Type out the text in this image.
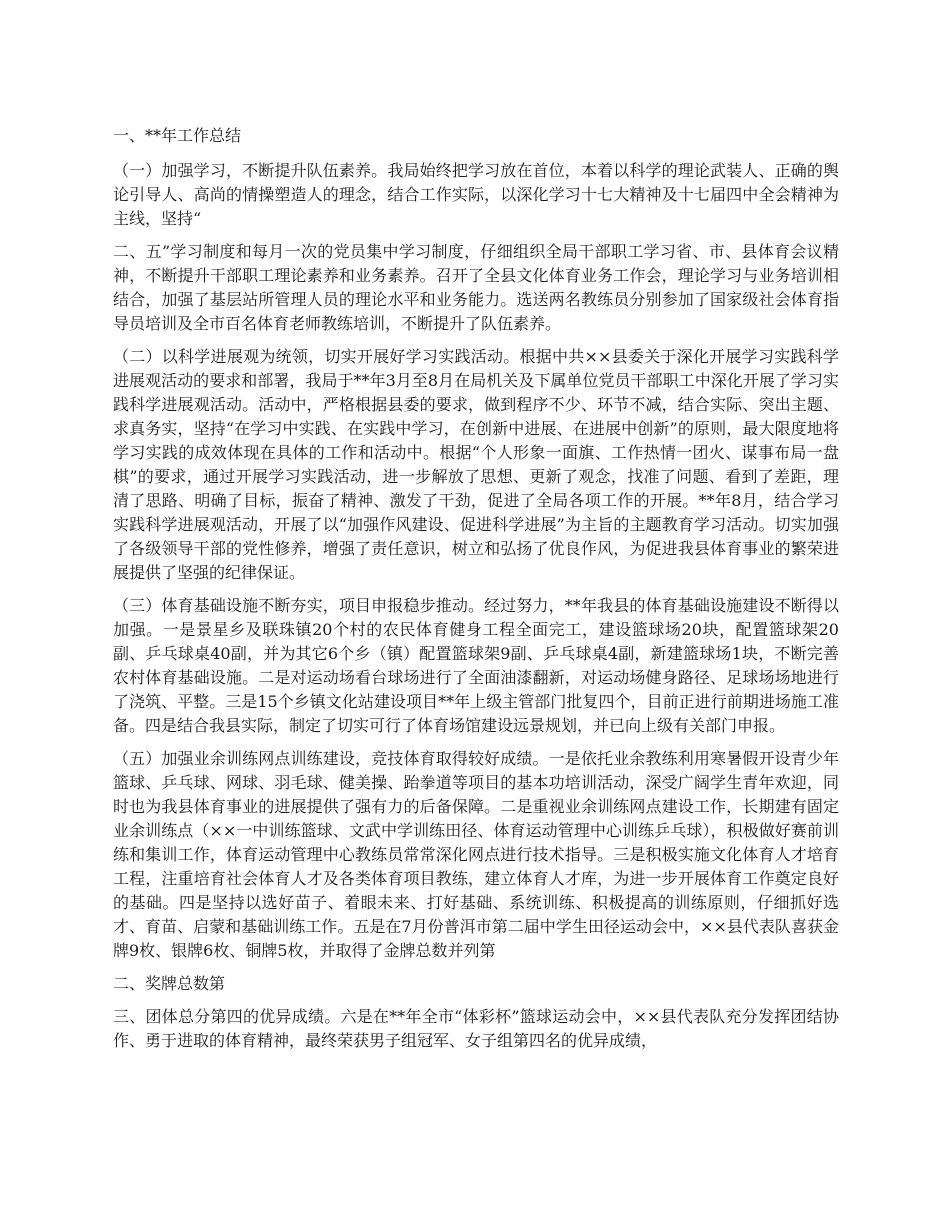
一、**年工作总结

（一）加强学习，不断提升队伍素养。我局始终把学习放在首位，本着以科学的理论武装人、正确的舆论引导人、高尚的情操塑造人的理念，结合工作实际，以深化学习十七大精神及十七届四中全会精神为主线，坚持“

二、五”学习制度和每月一次的党员集中学习制度，仔细组织全局干部职工学习省、市、县体育会议精神，不断提升干部职工理论素养和业务素养。召开了全县文化体育业务工作会，理论学习与业务培训相结合，加强了基层站所管理人员的理论水平和业务能力。选送两名教练员分别参加了国家级社会体育指导员培训及全市百名体育老师教练培训，不断提升了队伍素养。

（二）以科学进展观为统领，切实开展好学习实践活动。根据中共××县委关于深化开展学习实践科学进展观活动的要求和部署，我局于**年3月至8月在局机关及下属单位党员干部职工中深化开展了学习实践科学进展观活动。活动中，严格根据县委的要求，做到程序不少、环节不减，结合实际、突出主题、求真务实，坚持“在学习中实践、在实践中学习，在创新中进展、在进展中创新”的原则，最大限度地将学习实践的成效体现在具体的工作和活动中。根据“个人形象一面旗、工作热情一团火、谋事布局一盘棋”的要求，通过开展学习实践活动，进一步解放了思想、更新了观念，找准了问题、看到了差距，理清了思路、明确了目标，振奋了精神、激发了干劲，促进了全局各项工作的开展。**年8月，结合学习实践科学进展观活动，开展了以“加强作风建设、促进科学进展”为主旨的主题教育学习活动。切实加强了各级领导干部的党性修养，增强了责任意识，树立和弘扬了优良作风，为促进我县体育事业的繁荣进展提供了坚强的纪律保证。

（三）体育基础设施不断夯实，项目申报稳步推动。经过努力，**年我县的体育基础设施建设不断得以加强。一是景星乡及联珠镇20个村的农民体育健身工程全面完工，建设篮球场20块，配置篮球架20副、乒乓球桌40副，并为其它6个乡（镇）配置篮球架9副、乒乓球桌4副，新建篮球场1块，不断完善农村体育基础设施。二是对运动场看台球场进行了全面油漆翻新，对运动场健身路径、足球场场地进行了浇筑、平整。三是15个乡镇文化站建设项目**年上级主管部门批复四个，目前正进行前期进场施工准备。四是结合我县实际，制定了切实可行了体育场馆建设远景规划，并已向上级有关部门申报。

（五）加强业余训练网点训练建设，竞技体育取得较好成绩。一是依托业余教练利用寒暑假开设青少年篮球、乒乓球、网球、羽毛球、健美操、跆拳道等项目的基本功培训活动，深受广阔学生青年欢迎，同时也为我县体育事业的进展提供了强有力的后备保障。二是重视业余训练网点建设工作，长期建有固定业余训练点（××一中训练篮球、文武中学训练田径、体育运动管理中心训练乒乓球），积极做好赛前训练和集训工作，体育运动管理中心教练员常常深化网点进行技术指导。三是积极实施文化体育人才培育工程，注重培育社会体育人才及各类体育项目教练，建立体育人才库，为进一步开展体育工作奠定良好的基础。四是坚持以选好苗子、着眼未来、打好基础、系统训练、积极提高的训练原则，仔细抓好选才、育苗、启蒙和基础训练工作。五是在7月份普洱市第二届中学生田径运动会中，××县代表队喜获金牌9枚、银牌6枚、铜牌5枚，并取得了金牌总数并列第

二、奖牌总数第

三、团体总分第四的优异成绩。六是在**年全市“体彩杯”篮球运动会中，××县代表队充分发挥团结协作、勇于进取的体育精神，最终荣获男子组冠军、女子组第四名的优异成绩，
